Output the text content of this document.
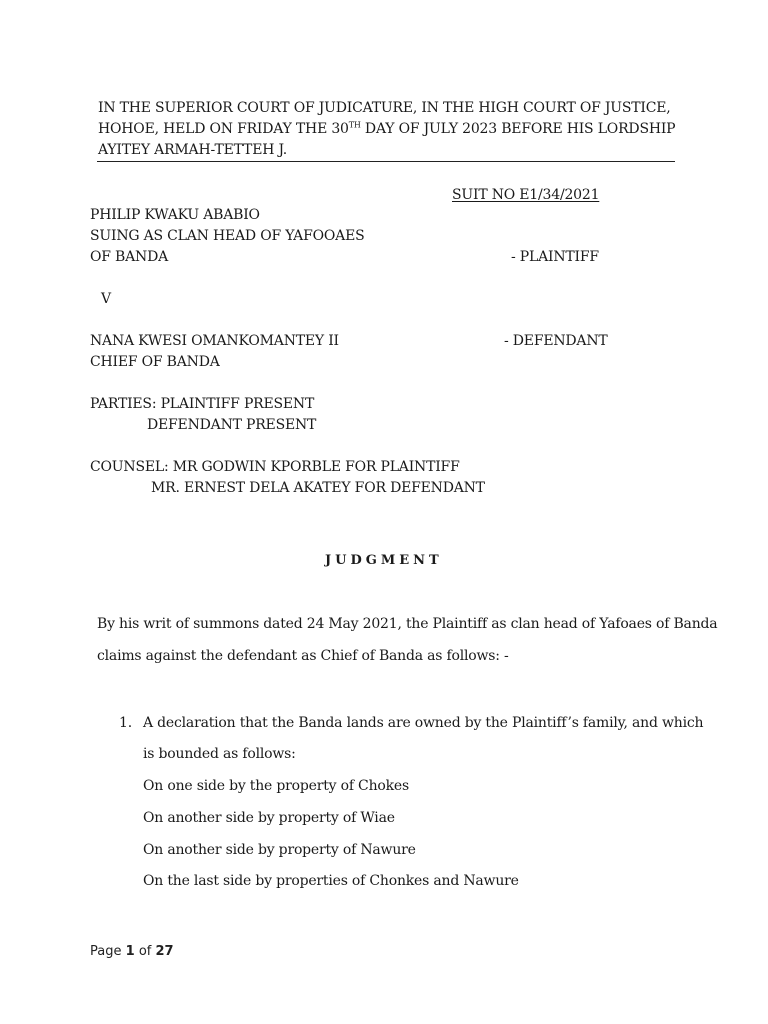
IN THE SUPERIOR COURT OF JUDICATURE, IN THE HIGH COURT OF JUSTICE,
HOHOE, HELD ON FRIDAY THE 30TH DAY OF JULY 2023 BEFORE HIS LORDSHIP
AYITEY ARMAH-TETTEH J.
SUIT NO E1/34/2021
PHILIP KWAKU ABABIO
SUING AS CLAN HEAD OF YAFOOAES
OF BANDA	- PLAINTIFF
V
NANA KWESI OMANKOMANTEY II	- DEFENDANT
CHIEF OF BANDA
PARTIES: PLAINTIFF PRESENT
DEFENDANT PRESENT
COUNSEL: MR GODWIN KPORBLE FOR PLAINTIFF
MR. ERNEST DELA AKATEY FOR DEFENDANT
JUDGMENT
By his writ of summons dated 24 May 2021, the Plaintiff as clan head of Yafoaes of Banda
claims against the defendant as Chief of Banda as follows: -
1. A declaration that the Banda lands are owned by the Plaintiff’s family, and which
is bounded as follows:
On one side by the property of Chokes
On another side by property of Wiae
On another side by property of Nawure
On the last side by properties of Chonkes and Nawure
Page 1 of 27
